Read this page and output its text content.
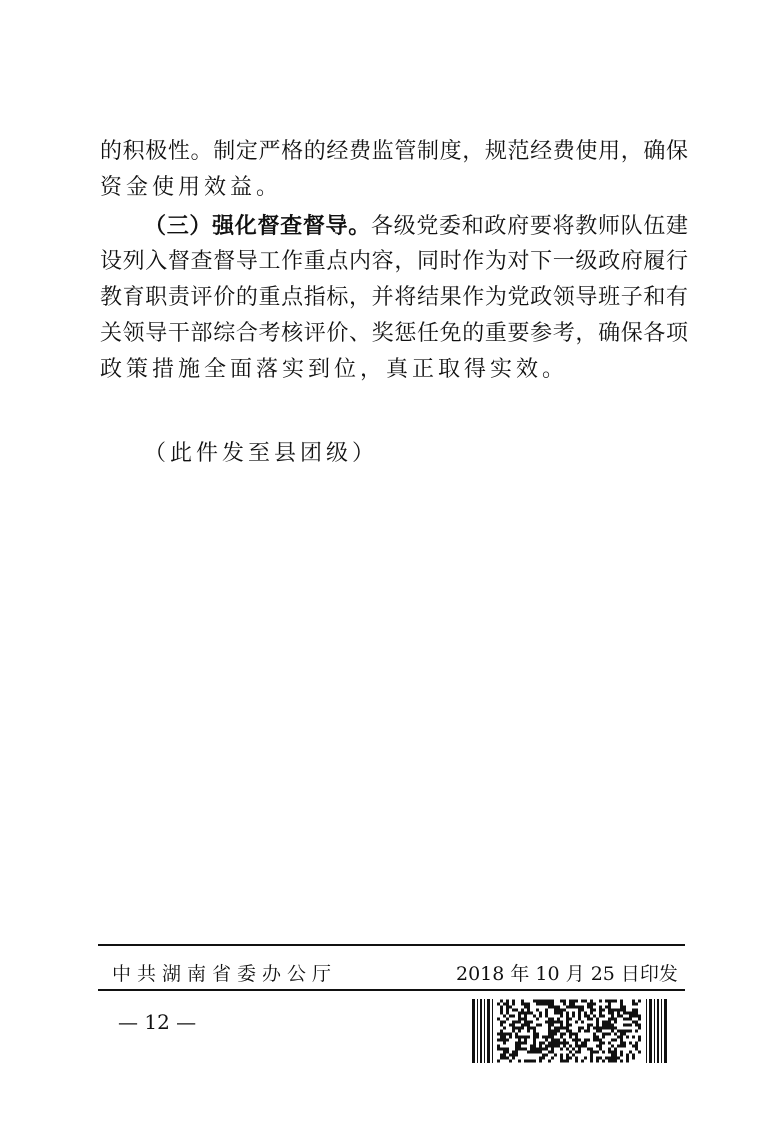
的积极性。制定严格的经费监管制度，规范经费使用，确保
资金使用效益。
（三）强化督查督导。各级党委和政府要将教师队伍建
设列入督查督导工作重点内容，同时作为对下一级政府履行
教育职责评价的重点指标，并将结果作为党政领导班子和有
关领导干部综合考核评价、奖惩任免的重要参考，确保各项
政策措施全面落实到位，真正取得实效。
（此件发至县团级）
中共湖南省委办公厅	2018 年 10 月 25 日印发
— 12 —
